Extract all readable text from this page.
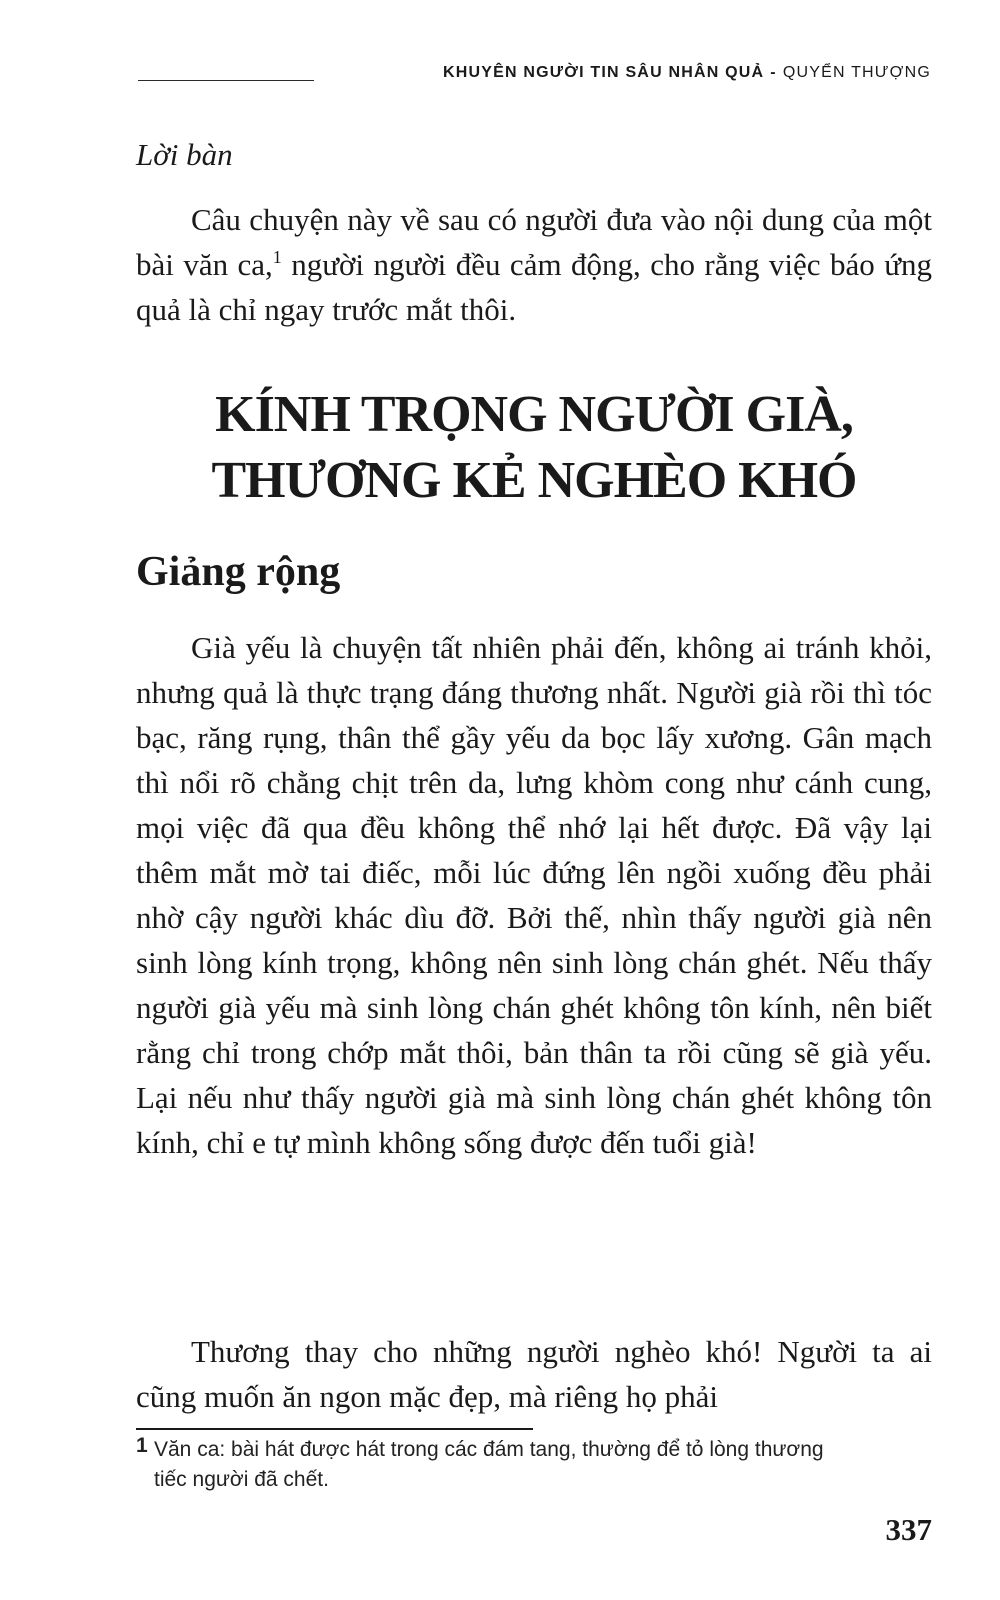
KHUYÊN NGƯỜI TIN SÂU NHÂN QUẢ - QUYỂN THƯỢNG

Lời bàn

Câu chuyện này về sau có người đưa vào nội dung của một bài văn ca,$^1$ người người đều cảm động, cho rằng việc báo ứng quả là chỉ ngay trước mắt thôi.

KÍNH TRỌNG NGƯỜI GIÀ,
THƯƠNG KẺ NGHÈO KHÓ
Giảng rộng

Già yếu là chuyện tất nhiên phải đến, không ai tránh khỏi, nhưng quả là thực trạng đáng thương nhất. Người già rồi thì tóc bạc, răng rụng, thân thể gầy yếu da bọc lấy xương. Gân mạch thì nổi rõ chằng chịt trên da, lưng khòm cong như cánh cung, mọi việc đã qua đều không thể nhớ lại hết được. Đã vậy lại thêm mắt mờ tai điếc, mỗi lúc đứng lên ngồi xuống đều phải nhờ cậy người khác dìu đỡ. Bởi thế, nhìn thấy người già nên sinh lòng kính trọng, không nên sinh lòng chán ghét. Nếu thấy người già yếu mà sinh lòng chán ghét không tôn kính, nên biết rằng chỉ trong chớp mắt thôi, bản thân ta rồi cũng sẽ già yếu. Lại nếu như thấy người già mà sinh lòng chán ghét không tôn kính, chỉ e tự mình không sống được đến tuổi già!

Thương thay cho những người nghèo khó! Người ta ai cũng muốn ăn ngon mặc đẹp, mà riêng họ phải

1 Văn ca: bài hát được hát trong các đám tang, thường để tỏ lòng thương
tiếc người đã chết.
337
